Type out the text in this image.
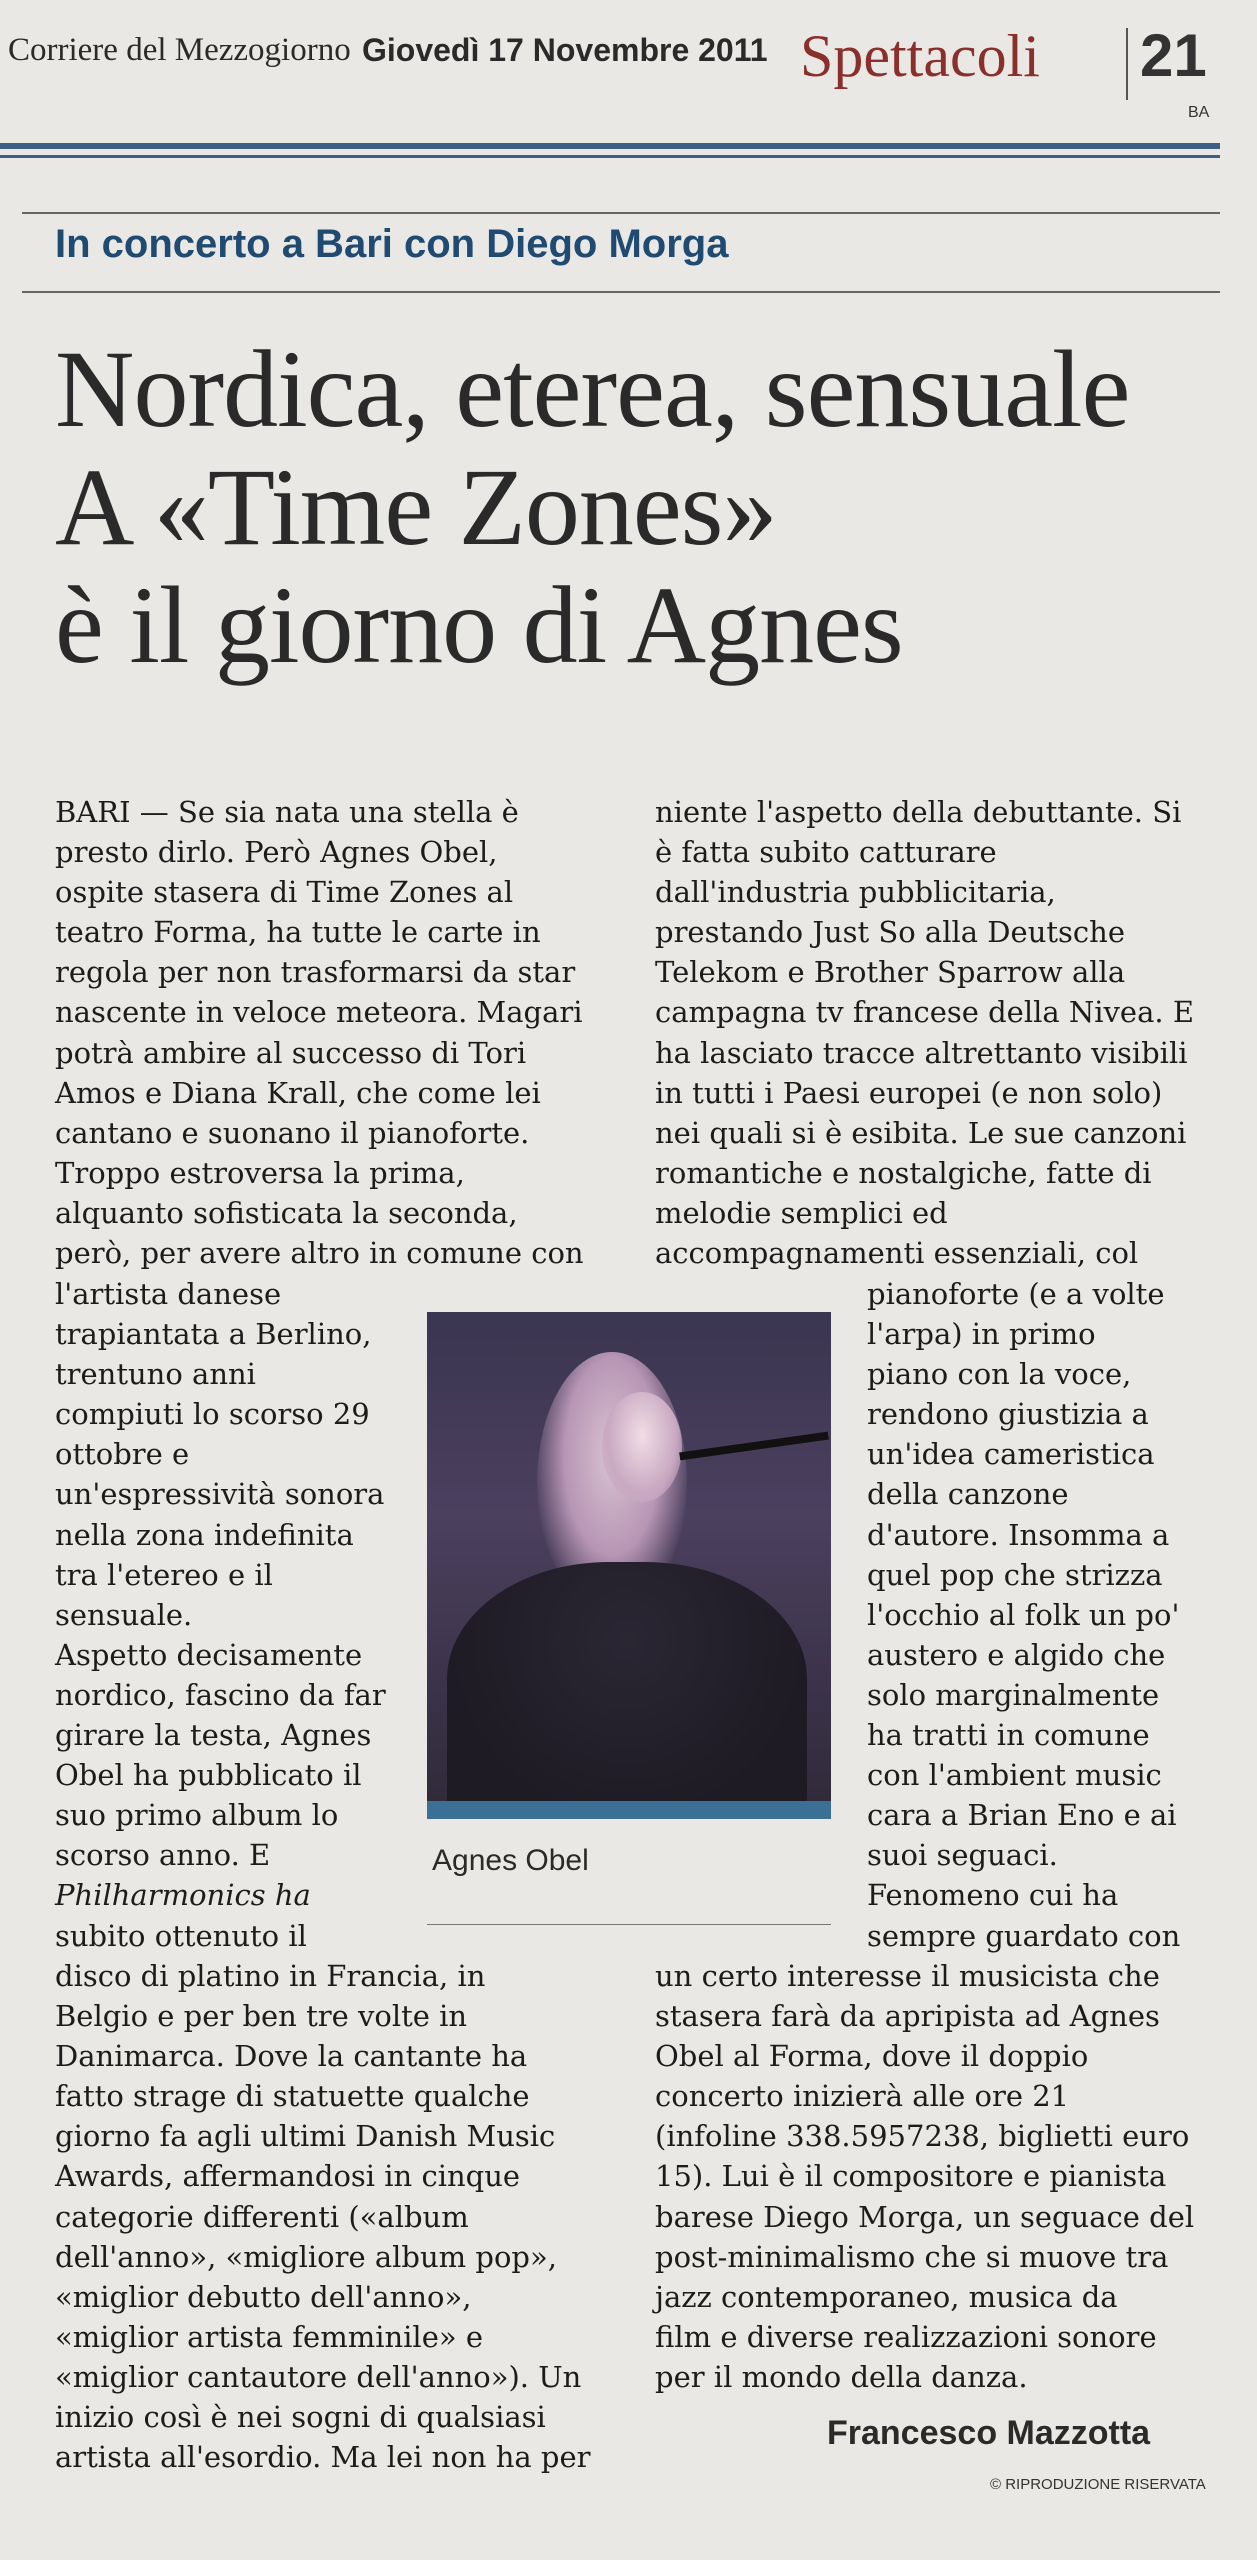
Corriere del Mezzogiorno Giovedì 17 Novembre 2011 Spettacoli 21
BA
In concerto a Bari con Diego Morga
Nordica, eterea, sensuale
A «Time Zones»
è il giorno di Agnes
BARI — Se sia nata una stella è
presto dirlo. Però Agnes Obel,
ospite stasera di Time Zones al
teatro Forma, ha tutte le carte in
regola per non trasformarsi da star
nascente in veloce meteora. Magari
potrà ambire al successo di Tori
Amos e Diana Krall, che come lei
cantano e suonano il pianoforte.
Troppo estroversa la prima,
alquanto sofisticata la seconda,
però, per avere altro in comune con
l'artista danese
trapiantata a Berlino,
trentuno anni
compiuti lo scorso 29
ottobre e
un'espressività sonora
nella zona indefinita
tra l'etereo e il
sensuale.
Aspetto decisamente
nordico, fascino da far
girare la testa, Agnes
Obel ha pubblicato il
suo primo album lo
scorso anno. E
Philharmonics ha
subito ottenuto il
disco di platino in Francia, in
Belgio e per ben tre volte in
Danimarca. Dove la cantante ha
fatto strage di statuette qualche
giorno fa agli ultimi Danish Music
Awards, affermandosi in cinque
categorie differenti («album
dell'anno», «migliore album pop»,
«miglior debutto dell'anno»,
«miglior artista femminile» e
«miglior cantautore dell'anno»). Un
inizio così è nei sogni di qualsiasi
artista all'esordio. Ma lei non ha per
niente l'aspetto della debuttante. Si
è fatta subito catturare
dall'industria pubblicitaria,
prestando Just So alla Deutsche
Telekom e Brother Sparrow alla
campagna tv francese della Nivea. E
ha lasciato tracce altrettanto visibili
in tutti i Paesi europei (e non solo)
nei quali si è esibita. Le sue canzoni
romantiche e nostalgiche, fatte di
melodie semplici ed
accompagnamenti essenziali, col
pianoforte (e a volte
l'arpa) in primo
piano con la voce,
rendono giustizia a
un'idea cameristica
della canzone
d'autore. Insomma a
quel pop che strizza
l'occhio al folk un po'
austero e algido che
solo marginalmente
ha tratti in comune
con l'ambient music
cara a Brian Eno e ai
suoi seguaci.
Fenomeno cui ha
sempre guardato con
un certo interesse il musicista che
stasera farà da apripista ad Agnes
Obel al Forma, dove il doppio
concerto inizierà alle ore 21
(infoline 338.5957238, biglietti euro
15). Lui è il compositore e pianista
barese Diego Morga, un seguace del
post-minimalismo che si muove tra
jazz contemporaneo, musica da
film e diverse realizzazioni sonore
per il mondo della danza.
Agnes Obel
Francesco Mazzotta
© RIPRODUZIONE RISERVATA
